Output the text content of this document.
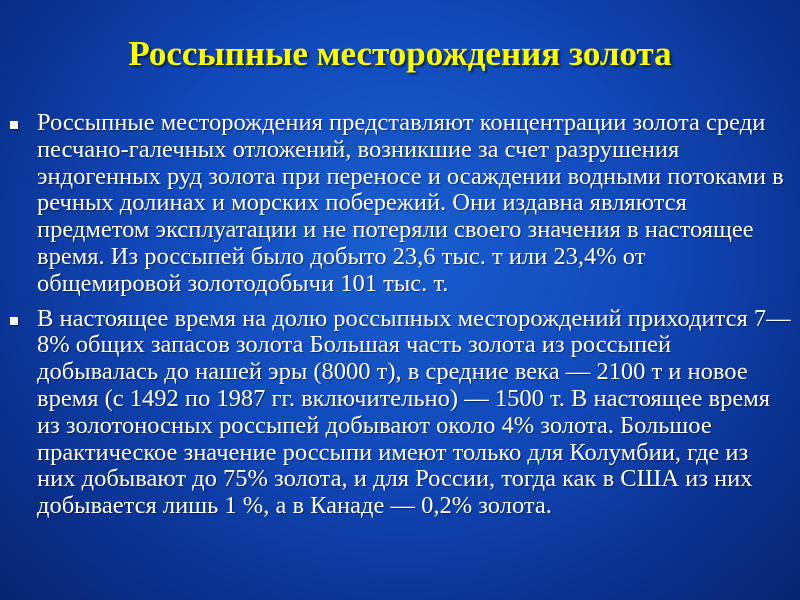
Россыпные месторождения золота
Россыпные месторождения представляют концентрации золота среди песчано-галечных отложений, возникшие за счет разрушения эндогенных руд золота при переносе и осаждении водными потоками в речных долинах и морских побережий. Они издавна являются предметом эксплуатации и не потеряли своего значения в настоящее время. Из россыпей было добыто 23,6 тыс. т или 23,4% от общемировой золотодобычи 101 тыс. т.
В настоящее время на долю россыпных месторождений приходится 7—8% общих запасов золота Большая часть золота из россыпей добывалась до нашей эры (8000 т), в средние века — 2100 т и новое время (с 1492 по 1987 гг. включительно) — 1500 т. В настоящее время из золотоносных россыпей добывают около 4% золота. Большое практическое значение россыпи имеют только для Колумбии, где из них добывают до 75% золота, и для России, тогда как в США из них добывается лишь 1 %, а в Канаде — 0,2% золота.
